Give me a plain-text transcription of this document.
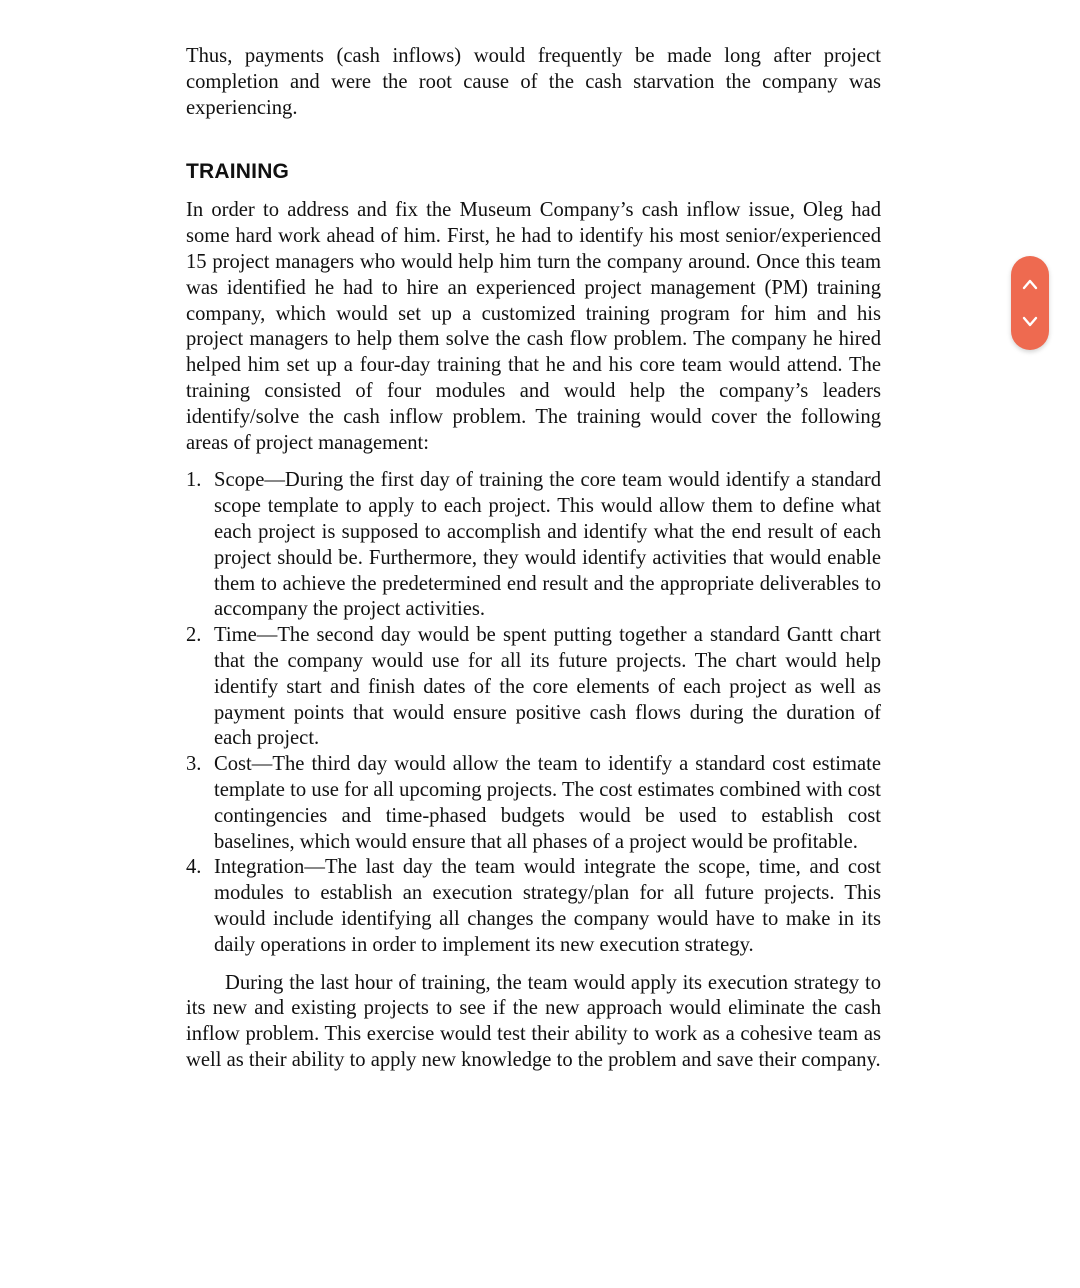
Thus, payments (cash inflows) would frequently be made long after project completion and were the root cause of the cash starvation the company was experiencing.

TRAINING

In order to address and fix the Museum Company’s cash inflow issue, Oleg had some hard work ahead of him. First, he had to identify his most senior/​experienced 15 project managers who would help him turn the company around. Once this team was identified he had to hire an experienced project management (PM) training company, which would set up a customized training program for him and his project managers to help them solve the cash flow problem. The company he hired helped him set up a four-day training that he and his core team would attend. The training consisted of four modules and would help the company’s leaders identify/solve the cash inflow problem. The training would cover the following areas of project management:

1. Scope—During the first day of training the core team would identify a standard scope template to apply to each project. This would allow them to define what each project is supposed to accomplish and identify what the end result of each project should be. Furthermore, they would identify activities that would enable them to achieve the predetermined end result and the appropriate deliverables to accompany the project activities.
2. Time—The second day would be spent putting together a standard Gantt chart that the company would use for all its future projects. The chart would help identify start and finish dates of the core elements of each project as well as payment points that would ensure positive cash flows during the duration of each project.
3. Cost—The third day would allow the team to identify a standard cost estimate template to use for all upcoming projects. The cost estimates combined with cost contingencies and time-phased budgets would be used to establish cost baselines, which would ensure that all phases of a project would be profitable.
4. Integration—The last day the team would integrate the scope, time, and cost modules to establish an execution strategy/plan for all future projects. This would include identifying all changes the company would have to make in its daily operations in order to implement its new execution strategy.

During the last hour of training, the team would apply its execution strategy to its new and existing projects to see if the new approach would eliminate the cash inflow problem. This exercise would test their ability to work as a cohesive team as well as their ability to apply new knowledge to the problem and save their company.
